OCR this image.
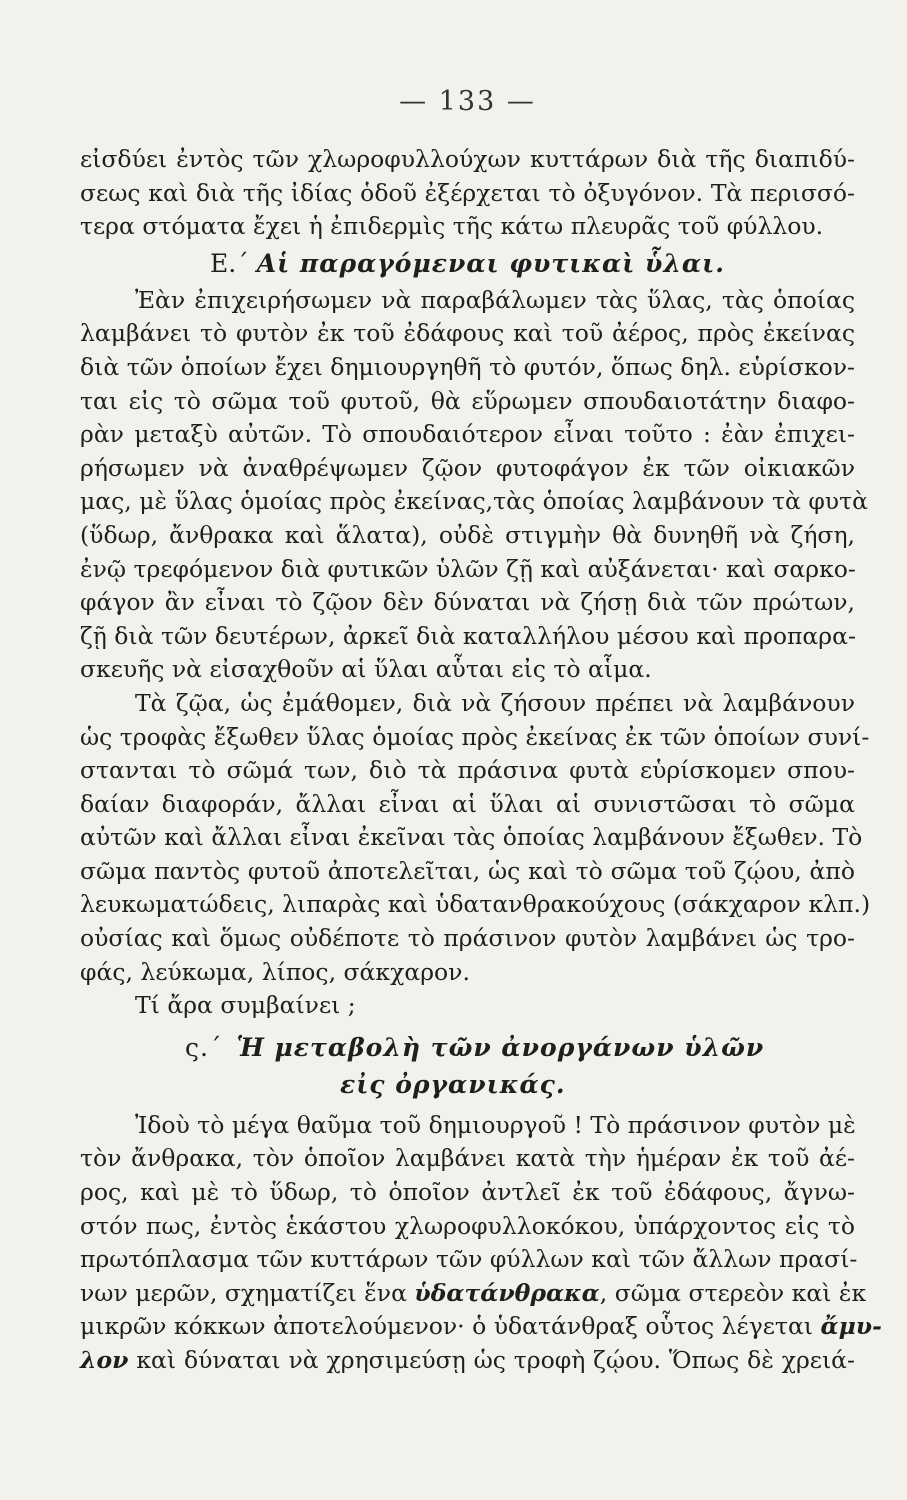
— 133 —
εἰσδύει ἐντὸς τῶν χλωροφυλλούχων κυττάρων διὰ τῆς διαπιδύ-
σεως καὶ διὰ τῆς ἰδίας ὁδοῦ ἐξέρχεται τὸ ὀξυγόνον. Τὰ περισσό-
τερα στόματα ἔχει ἡ ἐπιδερμὶς τῆς κάτω πλευρᾶς τοῦ φύλλου.
Ε.΄ Αἱ παραγόμεναι φυτικαὶ ὗλαι.
Ἐὰν ἐπιχειρήσωμεν νὰ παραβάλωμεν τὰς ὕλας, τὰς ὁποίας
λαμβάνει τὸ φυτὸν ἐκ τοῦ ἐδάφους καὶ τοῦ ἀέρος, πρὸς ἐκείνας
διὰ τῶν ὁποίων ἔχει δημιουργηθῆ τὸ φυτόν, ὅπως δηλ. εὑρίσκον-
ται εἰς τὸ σῶμα τοῦ φυτοῦ, θὰ εὕρωμεν σπουδαιοτάτην διαφο-
ρὰν μεταξὺ αὐτῶν. Τὸ σπουδαιότερον εἶναι τοῦτο : ἐὰν ἐπιχει-
ρήσωμεν νὰ ἀναθρέψωμεν ζῷον φυτοφάγον ἐκ τῶν οἰκιακῶν
μας, μὲ ὕλας ὁμοίας πρὸς ἐκείνας,τὰς ὁποίας λαμβάνουν τὰ φυτὰ
(ὕδωρ, ἄνθρακα καὶ ἅλατα), οὐδὲ στιγμὴν θὰ δυνηθῆ νὰ ζήση,
ἐνῷ τρεφόμενον διὰ φυτικῶν ὑλῶν ζῇ καὶ αὐξάνεται· καὶ σαρκο-
φάγον ἂν εἶναι τὸ ζῷον δὲν δύναται νὰ ζήσῃ διὰ τῶν πρώτων,
ζῇ διὰ τῶν δευτέρων, ἀρκεῖ διὰ καταλλήλου μέσου καὶ προπαρα-
σκευῆς νὰ εἰσαχθοῦν αἱ ὕλαι αὗται εἰς τὸ αἷμα.
Τὰ ζῷα, ὡς ἐμάθομεν, διὰ νὰ ζήσουν πρέπει νὰ λαμβάνουν
ὡς τροφὰς ἔξωθεν ὕλας ὁμοίας πρὸς ἐκείνας ἐκ τῶν ὁποίων συνί-
στανται τὸ σῶμά των, διὸ τὰ πράσινα φυτὰ εὑρίσκομεν σπου-
δαίαν διαφοράν, ἄλλαι εἶναι αἱ ὕλαι αἱ συνιστῶσαι τὸ σῶμα
αὐτῶν καὶ ἄλλαι εἶναι ἐκεῖναι τὰς ὁποίας λαμβάνουν ἔξωθεν. Τὸ
σῶμα παντὸς φυτοῦ ἀποτελεῖται, ὡς καὶ τὸ σῶμα τοῦ ζῴου, ἀπὸ
λευκωματώδεις, λιπαρὰς καὶ ὑδατανθρακούχους (σάκχαρον κλπ.)
οὐσίας καὶ ὅμως οὐδέποτε τὸ πράσινον φυτὸν λαμβάνει ὡς τρο-
φάς, λεύκωμα, λίπος, σάκχαρον.
Τί ἄρα συμβαίνει ;
ς.΄ Ἡ μεταβολὴ τῶν ἀνοργάνων ὑλῶν
εἰς ὀργανικάς.
Ἰδοὺ τὸ μέγα θαῦμα τοῦ δημιουργοῦ ! Τὸ πράσινον φυτὸν μὲ
τὸν ἄνθρακα, τὸν ὁποῖον λαμβάνει κατὰ τὴν ἡμέραν ἐκ τοῦ ἀέ-
ρος, καὶ μὲ τὸ ὕδωρ, τὸ ὁποῖον ἀντλεῖ ἐκ τοῦ ἐδάφους, ἄγνω-
στόν πως, ἐντὸς ἑκάστου χλωροφυλλοκόκου, ὑπάρχοντος εἰς τὸ
πρωτόπλασμα τῶν κυττάρων τῶν φύλλων καὶ τῶν ἄλλων πρασί-
νων μερῶν, σχηματίζει ἕνα ὑδατάνθρακα, σῶμα στερεὸν καὶ ἐκ
μικρῶν κόκκων ἀποτελούμενον· ὁ ὑδατάνθραξ οὗτος λέγεται ἄμυ-
λον καὶ δύναται νὰ χρησιμεύσῃ ὡς τροφὴ ζῴου. Ὅπως δὲ χρειά-
